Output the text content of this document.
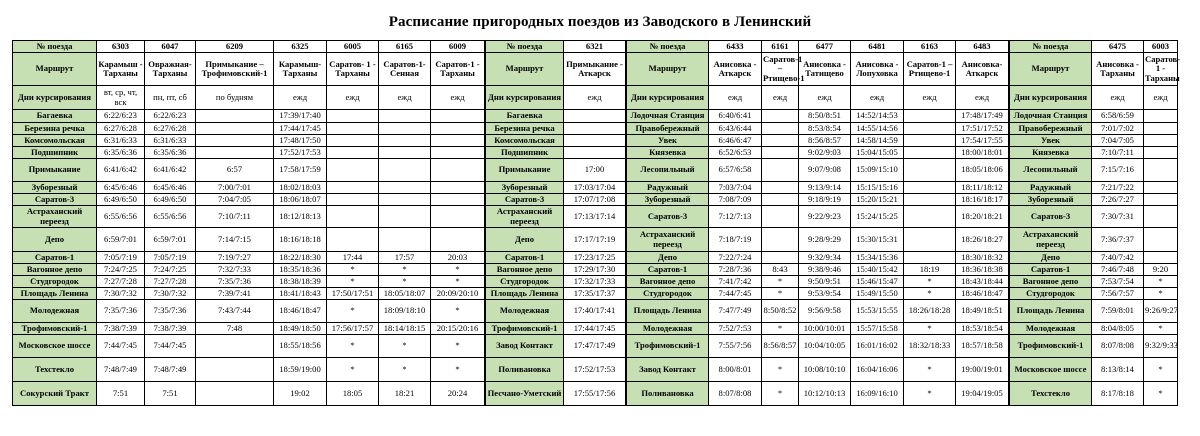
Расписание пригородных поездов из Заводского в Ленинский
№ поезда	6303	6047	6209	6325	6005	6165	6009
Маршрут	Карамыш - Тарханы	Овражная- Тарханы	Примыкание – Трофимовский-1	Карамыш- Тарханы	Саратов- 1 - Тарханы	Саратов-1- Сенная	Саратов-1 - Тарханы
Дни курсирования	вт, ср, чт, вск	пн, пт, сб	по будням	ежд	ежд	ежд	ежд
Багаевка	6:22/6:23	6:22/6:23		17:39/17:40			
Березина речка	6:27/6:28	6:27/6:28		17:44/17:45			
Комсомольская	6:31/6:33	6:31/6:33		17:48/17:50			
Подшипник	6:35/6:36	6:35/6:36		17:52/17:53			
Примыкание	6:41/6:42	6:41/6:42	6:57	17:58/17:59			
Зуборезный	6:45/6:46	6:45/6:46	7:00/7:01	18:02/18:03			
Саратов-3	6:49/6:50	6:49/6:50	7:04/7:05	18:06/18:07			
Астраханский переезд	6:55/6:56	6:55/6:56	7:10/7:11	18:12/18:13			
Депо	6:59/7:01	6:59/7:01	7:14/7:15	18:16/18:18			
Саратов-1	7:05/7:19	7:05/7:19	7:19/7:27	18:22/18:30	17:44	17:57	20:03
Вагонное депо	7:24/7:25	7:24/7:25	7:32/7:33	18:35/18:36	*	*	*
Студгородок	7:27/7:28	7:27/7:28	7:35/7:36	18:38/18:39	*	*	*
Площадь Ленина	7:30/7:32	7:30/7:32	7:39/7:41	18:41/18:43	17:50/17:51	18:05/18:07	20:09/20:10
Молодежная	7:35/7:36	7:35/7:36	7:43/7:44	18:46/18:47	*	18:09/18:10	*
Трофимовский-1	7:38/7:39	7:38/7:39	7:48	18:49/18:50	17:56/17:57	18:14/18:15	20:15/20:16
Московское шоссе	7:44/7:45	7:44/7:45		18:55/18:56	*	*	*
Техстекло	7:48/7:49	7:48/7:49		18:59/19:00	*	*	*
Сокурский Тракт	7:51	7:51		19:02	18:05	18:21	20:24
№ поезда	6321
Маршрут	Примыкание - Аткарск
Дни курсирования	ежд
Багаевка	
Березина речка	
Комсомольская	
Подшипник	
Примыкание	17:00
Зуборезный	17:03/17:04
Саратов-3	17:07/17:08
Астраханский переезд	17:13/17:14
Депо	17:17/17:19
Саратов-1	17:23/17:25
Вагонное депо	17:29/17:30
Студгородок	17:32/17:33
Площадь Ленина	17:35/17:37
Молодежная	17:40/17:41
Трофимовский-1	17:44/17:45
Завод Контакт	17:47/17:49
Поливановка	17:52/17:53
Песчано-Уметский	17:55/17:56
№ поезда	6433	6161	6477	6481	6163	6483
Маршрут	Анисовка - Аткарск	Саратов-1 – Ртищево-1	Анисовка - Татищево	Анисовка - Лопуховка	Саратов-1 – Ртищево-1	Анисовка- Аткарск
Дни курсирования	ежд	ежд	ежд	ежд	ежд	ежд
Лодочная Станция	6:40/6:41		8:50/8:51	14:52/14:53		17:48/17:49
Правобережный	6:43/6:44		8:53/8:54	14:55/14:56		17:51/17:52
Увек	6:46/6:47		8:56/8:57	14:58/14:59		17:54/17:55
Князевка	6:52/6:53		9:02/9:03	15:04/15:05		18:00/18:01
Лесопильный	6:57/6:58		9:07/9:08	15:09/15:10		18:05/18:06
Радужный	7:03/7:04		9:13/9:14	15:15/15:16		18:11/18:12
Зуборезный	7:08/7:09		9:18/9:19	15:20/15:21		18:16/18:17
Саратов-3	7:12/7:13		9:22/9:23	15:24/15:25		18:20/18:21
Астраханский переезд	7:18/7:19		9:28/9:29	15:30/15:31		18:26/18:27
Депо	7:22/7:24		9:32/9:34	15:34/15:36		18:30/18:32
Саратов-1	7:28/7:36	8:43	9:38/9:46	15:40/15:42	18:19	18:36/18:38
Вагонное депо	7:41/7:42	*	9:50/9:51	15:46/15:47	*	18:43/18:44
Студгородок	7:44/7:45	*	9:53/9:54	15:49/15:50	*	18:46/18:47
Площадь Ленина	7:47/7:49	8:50/8:52	9:56/9:58	15:53/15:55	18:26/18:28	18:49/18:51
Молодежная	7:52/7:53	*	10:00/10:01	15:57/15:58	*	18:53/18:54
Трофимовский-1	7:55/7:56	8:56/8:57	10:04/10:05	16:01/16:02	18:32/18:33	18:57/18:58
Завод Контакт	8:00/8:01	*	10:08/10:10	16:04/16:06	*	19:00/19:01
Поливановка	8:07/8:08	*	10:12/10:13	16:09/16:10	*	19:04/19:05
№ поезда	6475	6003
Маршрут	Анисовка - Тарханы	Саратов- 1 - Тарханы
Дни курсирования	ежд	ежд
Лодочная Станция	6:58/6:59	
Правобережный	7:01/7:02	
Увек	7:04/7:05	
Князевка	7:10/7:11	
Лесопильный	7:15/7:16	
Радужный	7:21/7:22	
Зуборезный	7:26/7:27	
Саратов-3	7:30/7:31	
Астраханский переезд	7:36/7:37	
Депо	7:40/7:42	
Саратов-1	7:46/7:48	9:20
Вагонное депо	7:53/7:54	*
Студгородок	7:56/7:57	*
Площадь Ленина	7:59/8:01	9:26/9:27
Молодежная	8:04/8:05	*
Трофимовский-1	8:07/8:08	9:32/9:33
Московское шоссе	8:13/8:14	*
Техстекло	8:17/8:18	*
